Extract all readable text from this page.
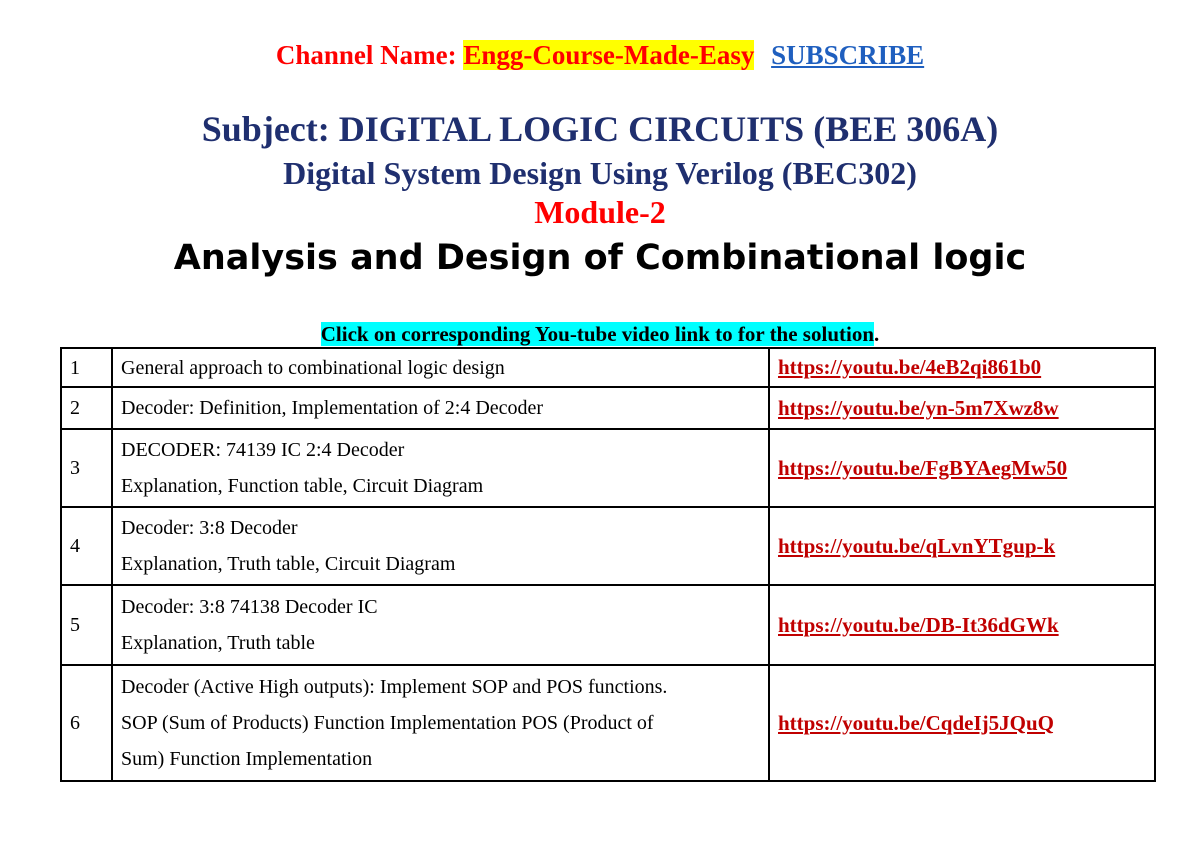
Channel Name: Engg-Course-Made-Easy SUBSCRIBE
Subject: DIGITAL LOGIC CIRCUITS (BEE 306A)
Digital System Design Using Verilog (BEC302)
Module-2
Analysis and Design of Combinational logic
Click on corresponding You-tube video link to for the solution.
1	General approach to combinational logic design	https://youtu.be/4eB2qi861b0
2	Decoder: Definition, Implementation of 2:4 Decoder	https://youtu.be/yn-5m7Xwz8w
3	DECODER: 74139 IC 2:4 Decoder
Explanation, Function table, Circuit Diagram	https://youtu.be/FgBYAegMw50
4	Decoder: 3:8 Decoder
Explanation, Truth table, Circuit Diagram	https://youtu.be/qLvnYTgup-k
5	Decoder: 3:8 74138 Decoder IC
Explanation, Truth table	https://youtu.be/DB-It36dGWk
6	Decoder (Active High outputs): Implement SOP and POS functions.
SOP (Sum of Products) Function Implementation POS (Product of
Sum) Function Implementation	https://youtu.be/CqdeIj5JQuQ
